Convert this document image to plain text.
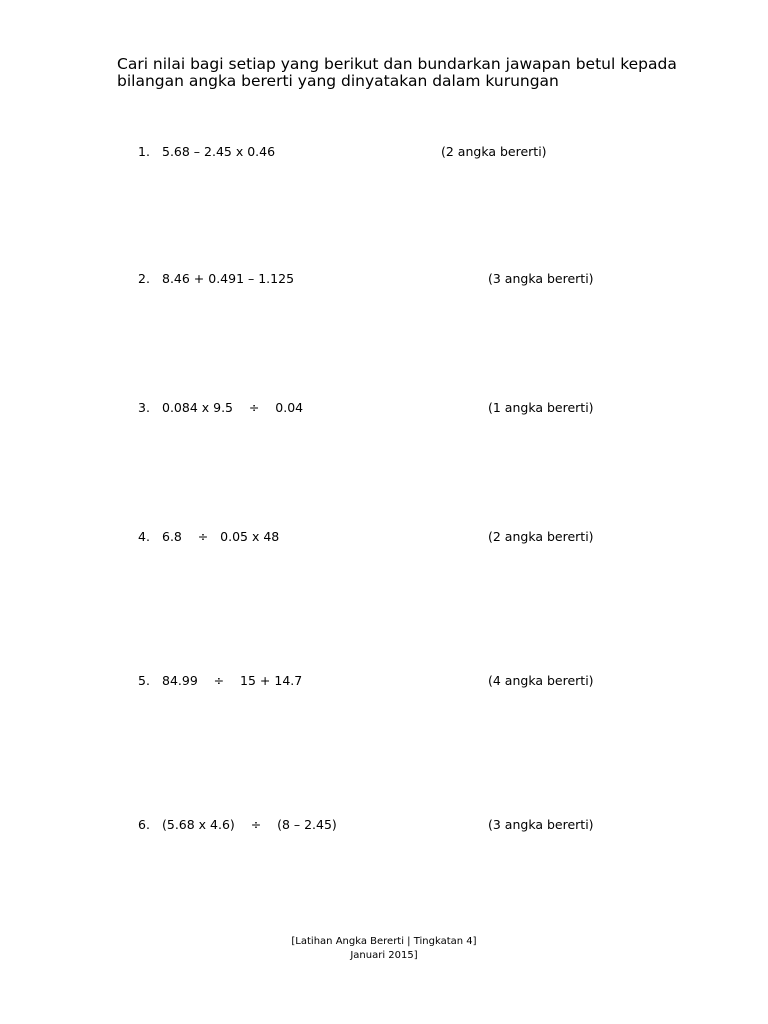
Cari nilai bagi setiap yang berikut dan bundarkan jawapan betul kepada bilangan angka bererti yang dinyatakan dalam kurungan

1. 5.68 – 2.45 x 0.46	(2 angka bererti)
2. 8.46 + 0.491 – 1.125	(3 angka bererti)
3. 0.084 x 9.5    ÷    0.04	(1 angka bererti)
4. 6.8    ÷   0.05 x 48	(2 angka bererti)
5. 84.99    ÷    15 + 14.7	(4 angka bererti)
6. (5.68 x 4.6)    ÷    (8 – 2.45)	(3 angka bererti)
[Latihan Angka Bererti | Tingkatan 4]
Januari 2015]
